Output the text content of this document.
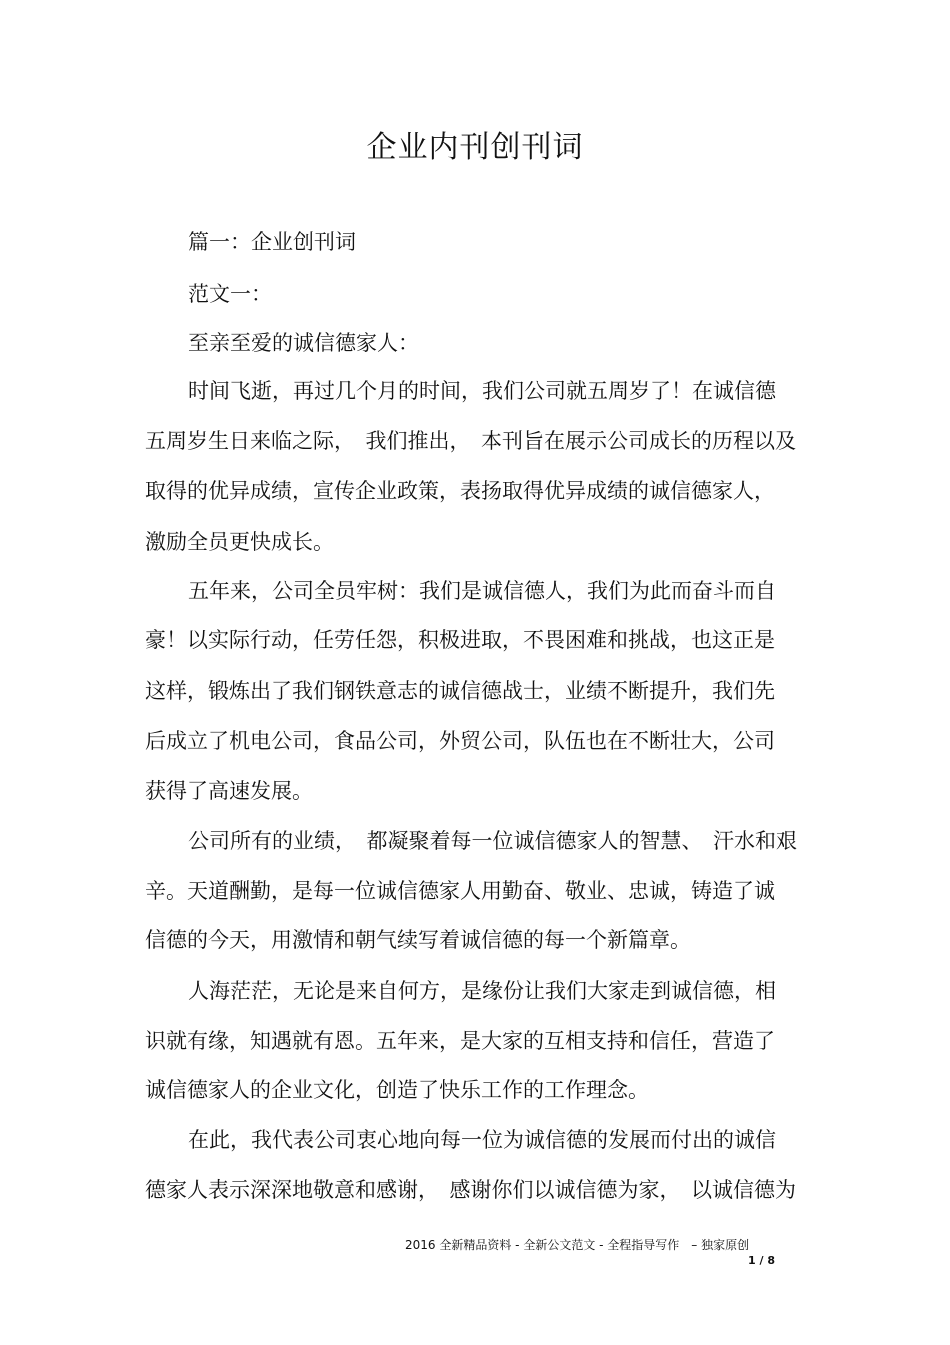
企业内刊创刊词
篇一：企业创刊词
范文一：
至亲至爱的诚信德家人：
时间飞逝，再过几个月的时间，我们公司就五周岁了！在诚信德
五周岁生日来临之际，　我们推出，　本刊旨在展示公司成长的历程以及
取得的优异成绩，宣传企业政策，表扬取得优异成绩的诚信德家人，
激励全员更快成长。
五年来，公司全员牢树：我们是诚信德人，我们为此而奋斗而自
豪！以实际行动，任劳任怨，积极进取，不畏困难和挑战，也这正是
这样，锻炼出了我们钢铁意志的诚信德战士，业绩不断提升，我们先
后成立了机电公司，食品公司，外贸公司，队伍也在不断壮大，公司
获得了高速发展。
公司所有的业绩，　都凝聚着每一位诚信德家人的智慧、　汗水和艰
辛。天道酬勤，是每一位诚信德家人用勤奋、敬业、忠诚，铸造了诚
信德的今天，用激情和朝气续写着诚信德的每一个新篇章。
人海茫茫，无论是来自何方，是缘份让我们大家走到诚信德，相
识就有缘，知遇就有恩。五年来，是大家的互相支持和信任，营造了
诚信德家人的企业文化，创造了快乐工作的工作理念。
在此，我代表公司衷心地向每一位为诚信德的发展而付出的诚信
德家人表示深深地敬意和感谢，　感谢你们以诚信德为家，　以诚信德为
2016 全新精品资料 - 全新公文范文 - 全程指导写作　– 独家原创
1 / 8
